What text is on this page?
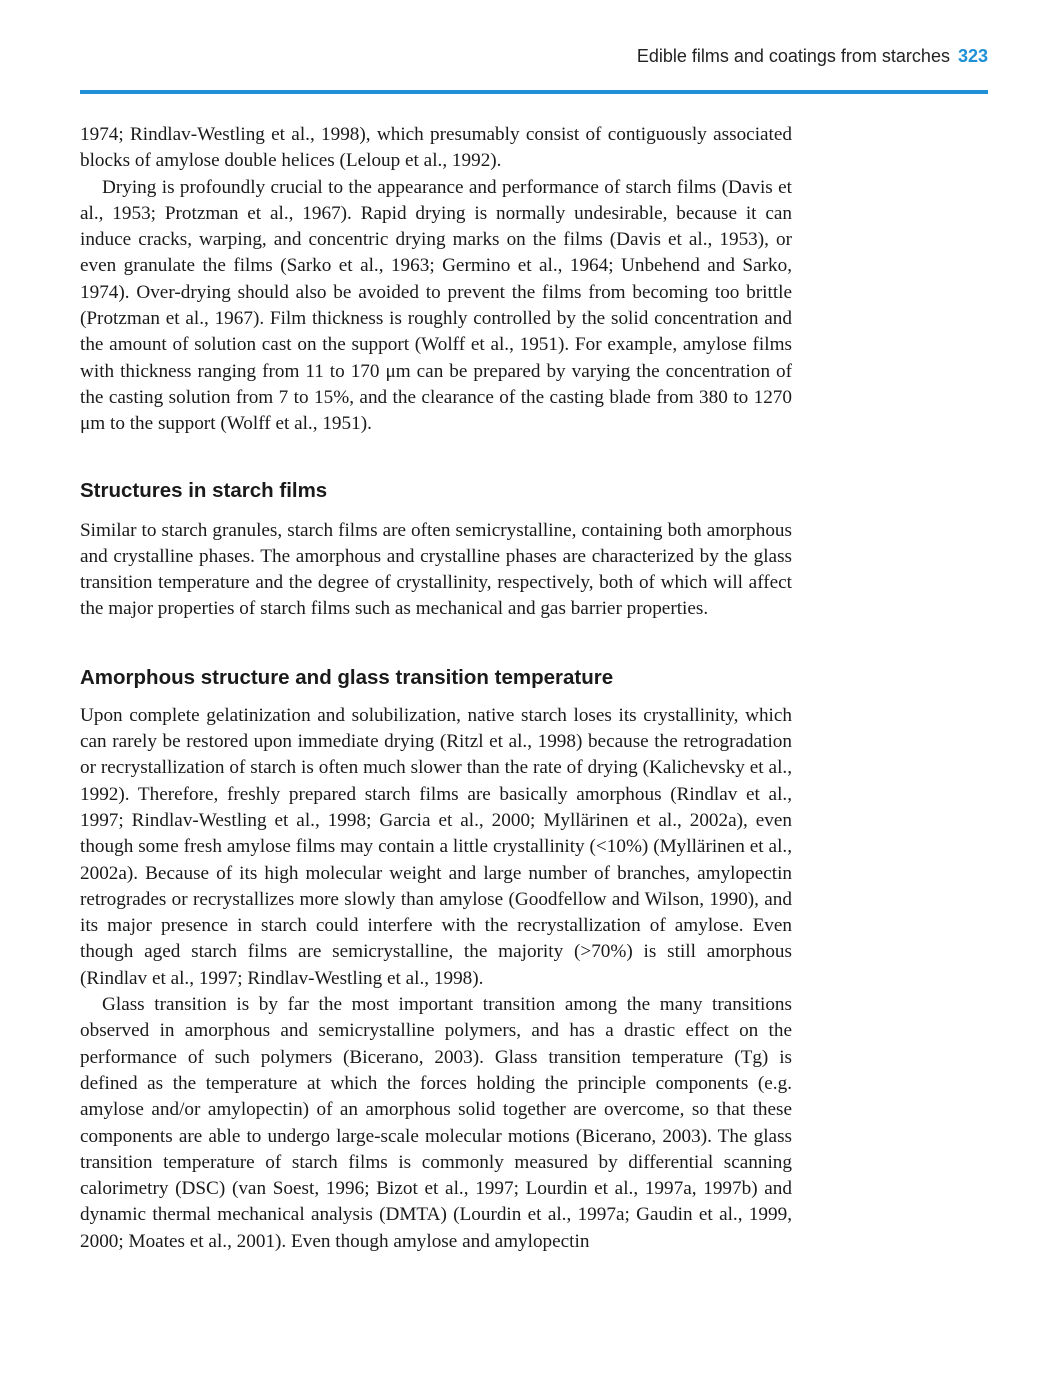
Edible films and coatings from starches 323

1974; Rindlav-Westling et al., 1998), which presumably consist of contiguously associated blocks of amylose double helices (Leloup et al., 1992).

Drying is profoundly crucial to the appearance and performance of starch films (Davis et al., 1953; Protzman et al., 1967). Rapid drying is normally undesirable, because it can induce cracks, warping, and concentric drying marks on the films (Davis et al., 1953), or even granulate the films (Sarko et al., 1963; Germino et al., 1964; Unbehend and Sarko, 1974). Over-drying should also be avoided to prevent the films from becoming too brittle (Protzman et al., 1967). Film thickness is roughly controlled by the solid concentration and the amount of solution cast on the support (Wolff et al., 1951). For example, amylose films with thickness ranging from 11 to 170 μm can be prepared by varying the concentration of the casting solution from 7 to 15%, and the clearance of the casting blade from 380 to 1270 μm to the support (Wolff et al., 1951).

Structures in starch films

Similar to starch granules, starch films are often semicrystalline, containing both amorphous and crystalline phases. The amorphous and crystalline phases are characterized by the glass transition temperature and the degree of crystallinity, respectively, both of which will affect the major properties of starch films such as mechanical and gas barrier properties.

Amorphous structure and glass transition temperature

Upon complete gelatinization and solubilization, native starch loses its crystallinity, which can rarely be restored upon immediate drying (Ritzl et al., 1998) because the retrogradation or recrystallization of starch is often much slower than the rate of drying (Kalichevsky et al., 1992). Therefore, freshly prepared starch films are basically amorphous (Rindlav et al., 1997; Rindlav-Westling et al., 1998; Garcia et al., 2000; Myllärinen et al., 2002a), even though some fresh amylose films may contain a little crystallinity (<10%) (Myllärinen et al., 2002a). Because of its high molecular weight and large number of branches, amylopectin retrogrades or recrystallizes more slowly than amylose (Goodfellow and Wilson, 1990), and its major presence in starch could interfere with the recrystallization of amylose. Even though aged starch films are semicrystalline, the majority (>70%) is still amorphous (Rindlav et al., 1997; Rindlav-Westling et al., 1998).

Glass transition is by far the most important transition among the many transitions observed in amorphous and semicrystalline polymers, and has a drastic effect on the performance of such polymers (Bicerano, 2003). Glass transition temperature (Tg) is defined as the temperature at which the forces holding the principle components (e.g. amylose and/or amylopectin) of an amorphous solid together are overcome, so that these components are able to undergo large-scale molecular motions (Bicerano, 2003). The glass transition temperature of starch films is commonly measured by differential scanning calorimetry (DSC) (van Soest, 1996; Bizot et al., 1997; Lourdin et al., 1997a, 1997b) and dynamic thermal mechanical analysis (DMTA) (Lourdin et al., 1997a; Gaudin et al., 1999, 2000; Moates et al., 2001). Even though amylose and amylopectin
